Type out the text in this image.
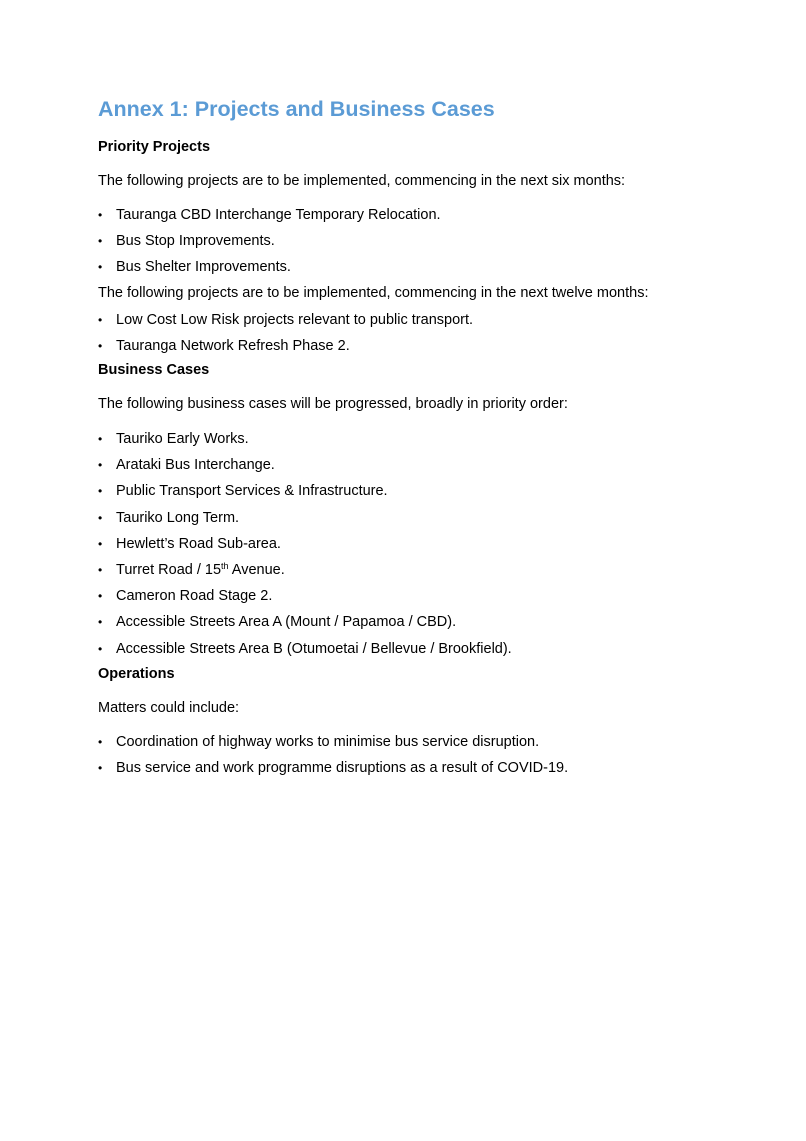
Annex 1: Projects and Business Cases

Priority Projects

The following projects are to be implemented, commencing in the next six months:

• Tauranga CBD Interchange Temporary Relocation.
• Bus Stop Improvements.
• Bus Shelter Improvements.

The following projects are to be implemented, commencing in the next twelve months:

• Low Cost Low Risk projects relevant to public transport.
• Tauranga Network Refresh Phase 2.

Business Cases

The following business cases will be progressed, broadly in priority order:

• Tauriko Early Works.
• Arataki Bus Interchange.
• Public Transport Services & Infrastructure.
• Tauriko Long Term.
• Hewlett’s Road Sub-area.
• Turret Road / 15th Avenue.
• Cameron Road Stage 2.
• Accessible Streets Area A (Mount / Papamoa / CBD).
• Accessible Streets Area B (Otumoetai / Bellevue / Brookfield).

Operations

Matters could include:

• Coordination of highway works to minimise bus service disruption.
• Bus service and work programme disruptions as a result of COVID-19.
